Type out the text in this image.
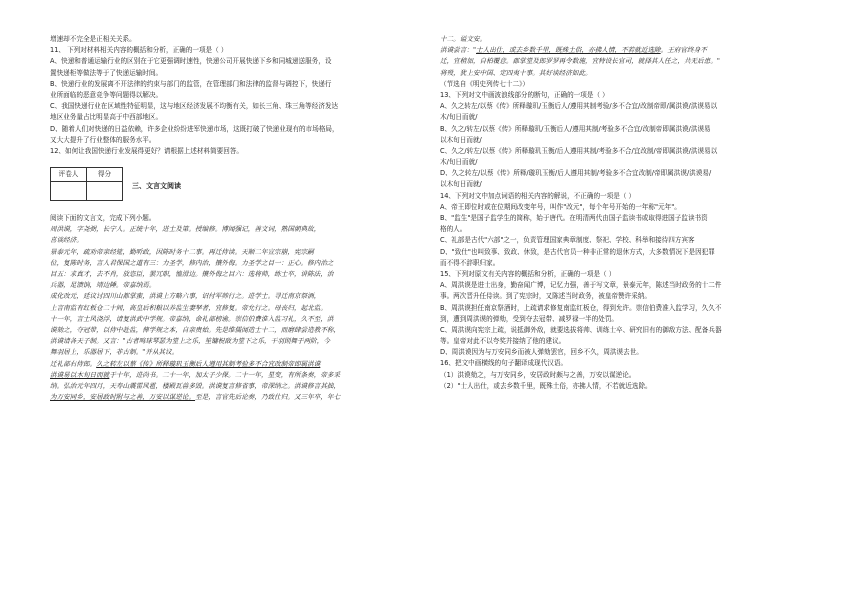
增速却不完全是正相关关系。
11、 下列对材料相关内容的概括和分析，正确的一项是（ ）
A、快递和普通运输行业的区别在于它更强调时速性，快递公司开展快递下乡和同城递送服务，设
置快递柜等做法等于了快递运输时间。
B、快递行业的发展离不开法律的约束与部门的监管，在管理部门和法律的监督与调控下，快递行
业所面临的恶意竞争等问题得以解决。
C、我国快递行业在区域性特征明显，这与地区经济发展不均衡有关，如长三角、珠三角等经济发达
地区业务量占比明显高于中西部地区。
D、随着人们对快递的日益依赖，许多企业纷纷进军快递市场，这既打破了快递业现有的市场格局，
又大大提升了行业整体的服务水平。
12、如何让我国快递行业发展得更好？请根据上述材料简要回答。
评卷人	得分

三、文言文阅读
阅读下面的文言文，完成下列小题。
周洪谟，字尧弼，长宁人。正统十年，进士及第。授编修。博闻强记，善文词，熟国朝典故，
喜谈经济。
景泰元年，疏劝帝亲经筵，勤听政，因陈时务十二事。再迁侍读。天顺二年宣宗崩，宪宗嗣
位，复陈时务，言人君保国之道有三：力圣学，修内治，攘外侮。力圣学之目一：正心。修内治之
目五：求真才，去不肖，放恣臣，罢冗职，恤滑边。攘外侮之目六：选将帅，练士卒，讲陈法，治
兵器，足馈饷，靖边陲。帝嘉纳焉。
成化改元，廷议讨四川山都掌蛮，洪谟上方略六事，诏付军帅行之。进学士。寻迁南京祭酒，
上言南监有红板仓二十间，高皇后积粮以养监生妻孥者，宜修复。帝允行之。母丧归，起北监。
十一年，言士风浇浮，请复洪武中学规。帝嘉纳，命礼部榜谕。崇信伯费淮入监习礼，久不至，洪
谟劾之，夺冠带，以侍中赴监，俾学规之本，自亲贵始。先是维儒闻造士十二，而磨肆尝造教不称，
洪谟请各天子制。又言："古者鸣球琴瑟为堂上之乐，笙镛柷敔为堂下之乐，干羽則舞于两阶，今
舞羽居上，乐器居下，非古制。"并从其议。
迁礼部右侍郎。久之转左以蔡《传》所释璇玑玉衡后人遵用其制考验多不合宜改制帝即属洪谟
洪谟易以木旬日而就于十年，进尚书。二十一年，加太子少保。二十一年，星变，有所条奏，帝多采
纳。弘治元年四月，天寿山震雷风雹，楼殿瓦兽多毁。洪谟复言修省事，帝深纳之。洪谟修言其拙，
为万安同乡，安居政时附与之善，万安以谋逆论。至是，言官先后论奏，乃致仕归。又三年卒，年七
十二。谥文安。
洪谟尝言："士人出仕，或去乡数千里，既殊土俗，亦拂人情，不若就近选除。王府官终身不
迁，宜稍加，自柏覆意。郡掌堂及郎罗罗再令数施，宜特设长官司，就择其人任之，共无后患。"
将殁，犹上安中国、定四夷十事。其好谈经济如此。
（节选自《明史列传七十二》）
13、下列对文中画波浪线部分的断句，正确的一项是（ ）
A、久之转左/以蔡《传》所释璇玑/玉衡后人/遵用其制考验/多不合宜/改制帝即/属洪谟/洪谟易以
木/旬日而就/
B、久之/转左/以蔡《传》所释璇玑/玉衡后人/遵用其制/考验多不合宜/改制帝即属洪谟/洪谟易
以木旬日而就/
C、久之/转左/以蔡《传》所释璇玑玉衡/后人遵用其制/考验多不合/宜改制/帝即属洪谟/洪谟易以
木/旬日而就/
D、久之转左/以蔡《传》所释/璇玑玉衡/后人遵用其制/考验多不合宜改制/帝即属洪谟/洪谟易/
以木旬日而就/
14、下列对文中加点词语的相关内容的解说，不正确的一项是（ ）
A、帝王即位时或在位期间改变年号，叫作"改元"，每个年号开始的一年称"元年"。
B、"监生"是国子监学生的简称，始于唐代。在明清两代由国子监读书或取得进国子监读书资
格的人。
C、礼部是古代"六部"之一，负责管理国家典章制度、祭祀、学校、科举和接待四方宾客
D、"致仕"也叫致事、致政、休致，是古代官员一种非正常的退休方式，大多数情况下是因犯罪
而不得不辞职归家。
15、下列对原文有关内容的概括和分析，正确的一项是（ ）
A、周洪谟是进士出身，勤奋闻广博，记忆力强，善于写文章，景泰元年，陈述当时政务的十二件
事。两次晋升任侍读。到了宪宗时，又陈述当时政务，被皇帝赞许采纳。
B、周洪谟担任南京祭酒时，上疏请求修复南监红板仓，得到允许。崇信伯费准入监学习，久久不
到，遭到周洪谟的弹劾，受到夺去冠带、减罗禄一半的处罚。
C、周洪谟向宪宗上疏，说抵御外敌，就要选拔将帅、训练士卒、研究旧有的御敌方法、配备兵器
等。皇帝对此不以夸奖并接纳了他的建议。
D、周洪谟因为与万安同乡而被人弹劾罢官，回乡不久，周洪谟去世。
16、把文中画横线的句子翻译成现代汉语。
（1）洪谟劾之，与万安同乡，安居政时颇与之善，万安以谋逆论。
（2）"士人出仕，或去乡数千里，既殊土俗，亦拂人情，不若就近选除。
